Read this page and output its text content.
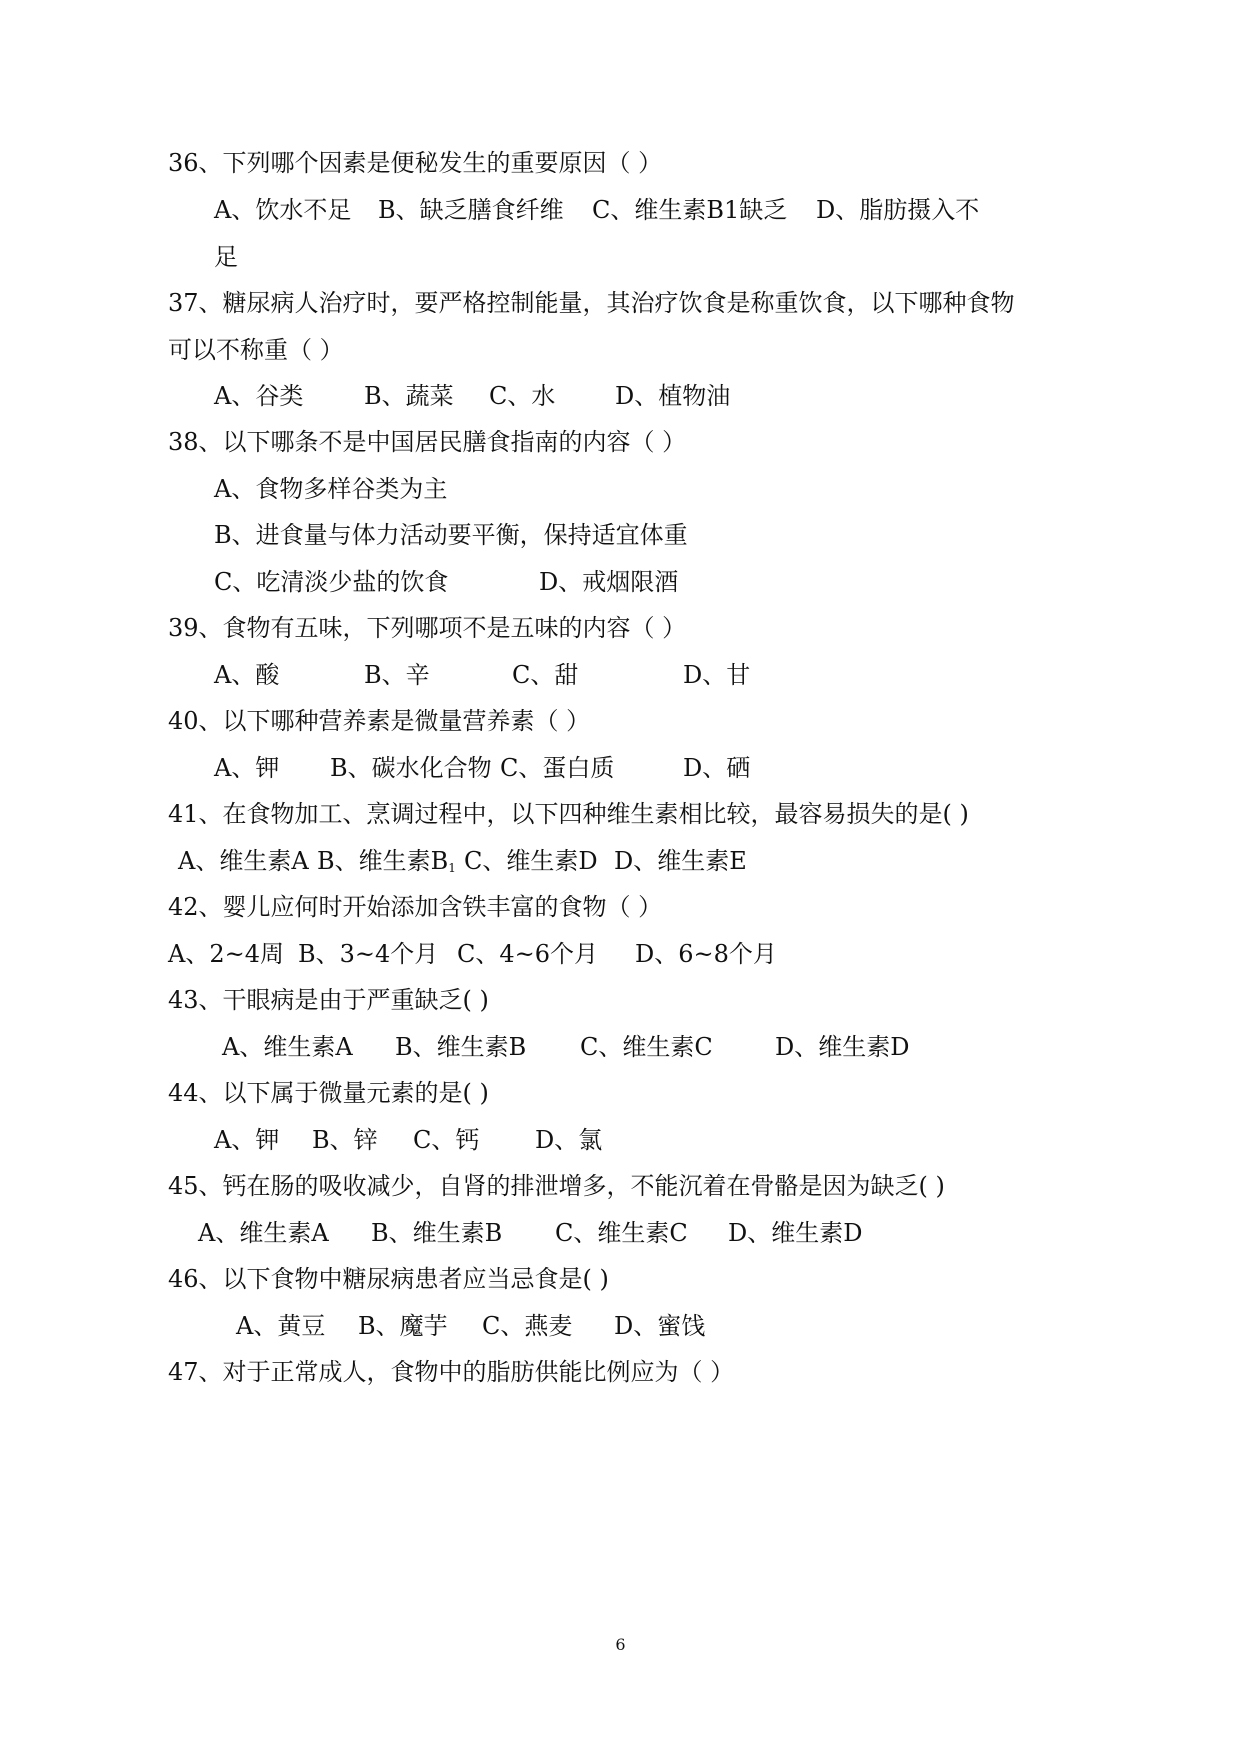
36、下列哪个因素是便秘发生的重要原因（ ）

A、饮水不足 B、缺乏膳食纤维 C、维生素B1缺乏 D、脂肪摄入不

足

37、糖尿病人治疗时，要严格控制能量，其治疗饮食是称重饮食，以下哪种食物

可以不称重（ ）

A、谷类	B、蔬菜 C、水 D、植物油

38、以下哪条不是中国居民膳食指南的内容（ ）

A、食物多样谷类为主

B、进食量与体力活动要平衡，保持适宜体重

C、吃清淡少盐的饮食	D、戒烟限酒

39、食物有五味，下列哪项不是五味的内容（ ）

A、酸	B、辛	C、甜	D、甘

40、以下哪种营养素是微量营养素（ ）

A、钾 B、碳水化合物 C、蛋白质	D、硒

41、在食物加工、烹调过程中，以下四种维生素相比较，最容易损失的是( )

A、维生素A B、维生素$B_1$ C、维生素D D、维生素E

42、婴儿应何时开始添加含铁丰富的食物（ ）

A、2~4周 B、3~4个月 C、4~6个月 D、6~8个月

43、干眼病是由于严重缺乏( )

A、维生素A B、维生素B C、维生素C	D、维生素D

44、以下属于微量元素的是( )

A、钾 B、锌 C、钙 D、氯

45、钙在肠的吸收减少，自肾的排泄增多，不能沉着在骨骼是因为缺乏( )

A、维生素A B、维生素B C、维生素C D、维生素D

46、以下食物中糖尿病患者应当忌食是( )

A、黄豆 B、魔芋 C、燕麦 D、蜜饯

47、对于正常成人，食物中的脂肪供能比例应为（ ）

6
